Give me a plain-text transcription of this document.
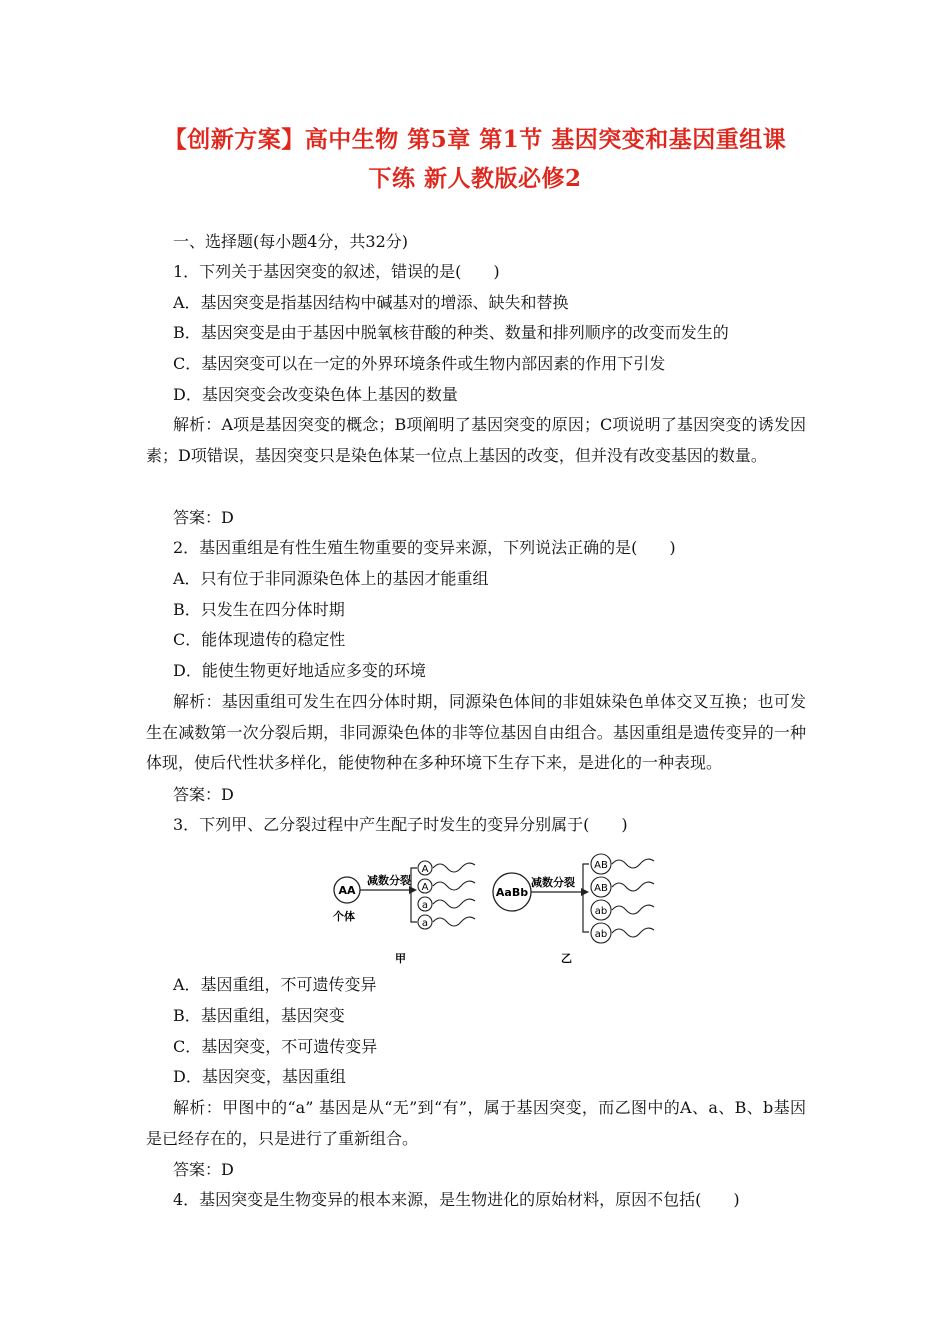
【创新方案】高中生物 第5章 第1节 基因突变和基因重组课
下练 新人教版必修2
一、选择题(每小题4分，共32分)
1．下列关于基因突变的叙述，错误的是(　　)
A．基因突变是指基因结构中碱基对的增添、缺失和替换
B．基因突变是由于基因中脱氧核苷酸的种类、数量和排列顺序的改变而发生的
C．基因突变可以在一定的外界环境条件或生物内部因素的作用下引发
D．基因突变会改变染色体上基因的数量
解析：A项是基因突变的概念；B项阐明了基因突变的原因；C项说明了基因突变的诱发因素；D项错误，基因突变只是染色体某一位点上基因的改变，但并没有改变基因的数量。
答案：D
2．基因重组是有性生殖生物重要的变异来源，下列说法正确的是(　　)
A．只有位于非同源染色体上的基因才能重组
B．只发生在四分体时期
C．能体现遗传的稳定性
D．能使生物更好地适应多变的环境
解析：基因重组可发生在四分体时期，同源染色体间的非姐妹染色单体交叉互换；也可发生在减数第一次分裂后期，非同源染色体的非等位基因自由组合。基因重组是遗传变异的一种体现，使后代性状多样化，能使物种在多种环境下生存下来，是进化的一种表现。
答案：D
3．下列甲、乙分裂过程中产生配子时发生的变异分别属于(　　)
AA
个体
减数分裂
A
A
a
a
甲
AaBb
减数分裂
AB
AB
ab
ab
乙
A．基因重组，不可遗传变异
B．基因重组，基因突变
C．基因突变，不可遗传变异
D．基因突变，基因重组
解析：甲图中的“a” 基因是从“无”到“有”，属于基因突变，而乙图中的A、a、B、b基因是已经存在的，只是进行了重新组合。
答案：D
4．基因突变是生物变异的根本来源，是生物进化的原始材料，原因不包括(　　)
